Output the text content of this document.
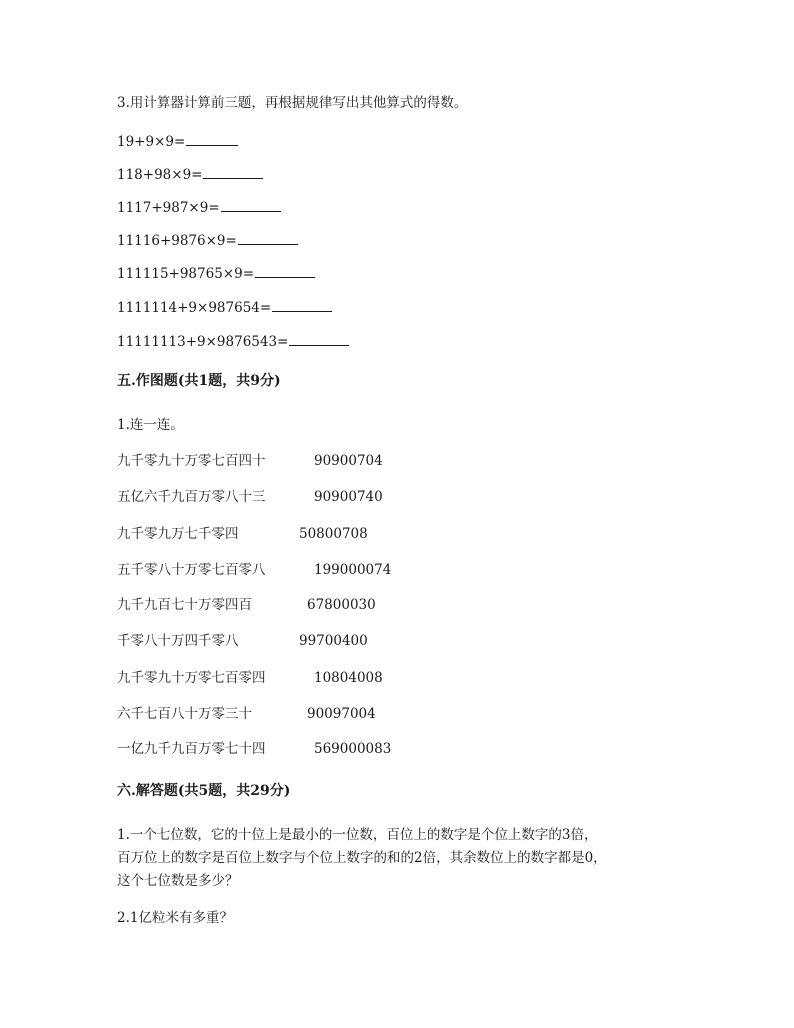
3.用计算器计算前三题，再根据规律写出其他算式的得数。
19+9×9=
118+98×9=
1117+987×9=
11116+9876×9=
111115+98765×9=
1111114+9×987654=
11111113+9×9876543=
五.作图题(共1题，共9分)
1.连一连。
九千零九十万零七百四十	90900704
五亿六千九百万零八十三	90900740
九千零九万七千零四	50800708
五千零八十万零七百零八	199000074
九千九百七十万零四百	67800030
千零八十万四千零八	99700400
九千零九十万零七百零四	10804008
六千七百八十万零三十	90097004
一亿九千九百万零七十四	569000083
六.解答题(共5题，共29分)
1.一个七位数，它的十位上是最小的一位数，百位上的数字是个位上数字的3倍，
百万位上的数字是百位上数字与个位上数字的和的2倍，其余数位上的数字都是0，
这个七位数是多少？
2.1亿粒米有多重？
